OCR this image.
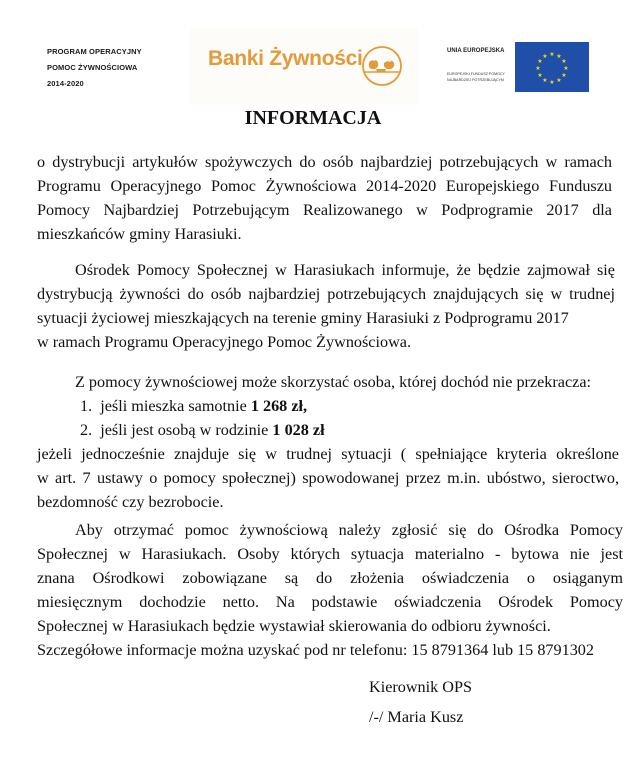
PROGRAM OPERACYJNY
POMOC ŻYWNOŚCIOWA
2014-2020
Banki Żywności	UNIA EUROPEJSKA
EUROPEJSKI FUNDUSZ POMOCY
NAJBARDZIEJ POTRZEBUJĄCYM
★ ★
★
★
★
★
★
★
★
★
★
★
INFORMACJA
o dystrybucji artykułów spożywczych do osób najbardziej potrzebujących w ramach
Programu Operacyjnego Pomoc Żywnościowa 2014-2020 Europejskiego Funduszu
Pomocy Najbardziej Potrzebującym Realizowanego w Podprogramie 2017 dla
mieszkańców gminy Harasiuki.
Ośrodek Pomocy Społecznej w Harasiukach informuje, że będzie zajmował się
dystrybucją żywności do osób najbardziej potrzebujących znajdujących się w trudnej
sytuacji życiowej mieszkających na terenie gminy Harasiuki z Podprogramu 2017
w ramach Programu Operacyjnego Pomoc Żywnościowa.
Z pomocy żywnościowej może skorzystać osoba, której dochód nie przekracza:
1. jeśli mieszka samotnie 1 268 zł,
2. jeśli jest osobą w rodzinie 1 028 zł
jeżeli jednocześnie znajduje się w trudnej sytuacji ( spełniające kryteria określone
w art. 7 ustawy o pomocy społecznej) spowodowanej przez m.in. ubóstwo, sieroctwo,
bezdomność czy bezrobocie.
Aby otrzymać pomoc żywnościową należy zgłosić się do Ośrodka Pomocy
Społecznej w Harasiukach. Osoby których sytuacja materialno - bytowa nie jest
znana Ośrodkowi zobowiązane są do złożenia oświadczenia o osiąganym
miesięcznym dochodzie netto. Na podstawie oświadczenia Ośrodek Pomocy
Społecznej w Harasiukach będzie wystawiał skierowania do odbioru żywności.
Szczegółowe informacje można uzyskać pod nr telefonu: 15 8791364 lub 15 8791302
Kierownik OPS
/-/ Maria Kusz
